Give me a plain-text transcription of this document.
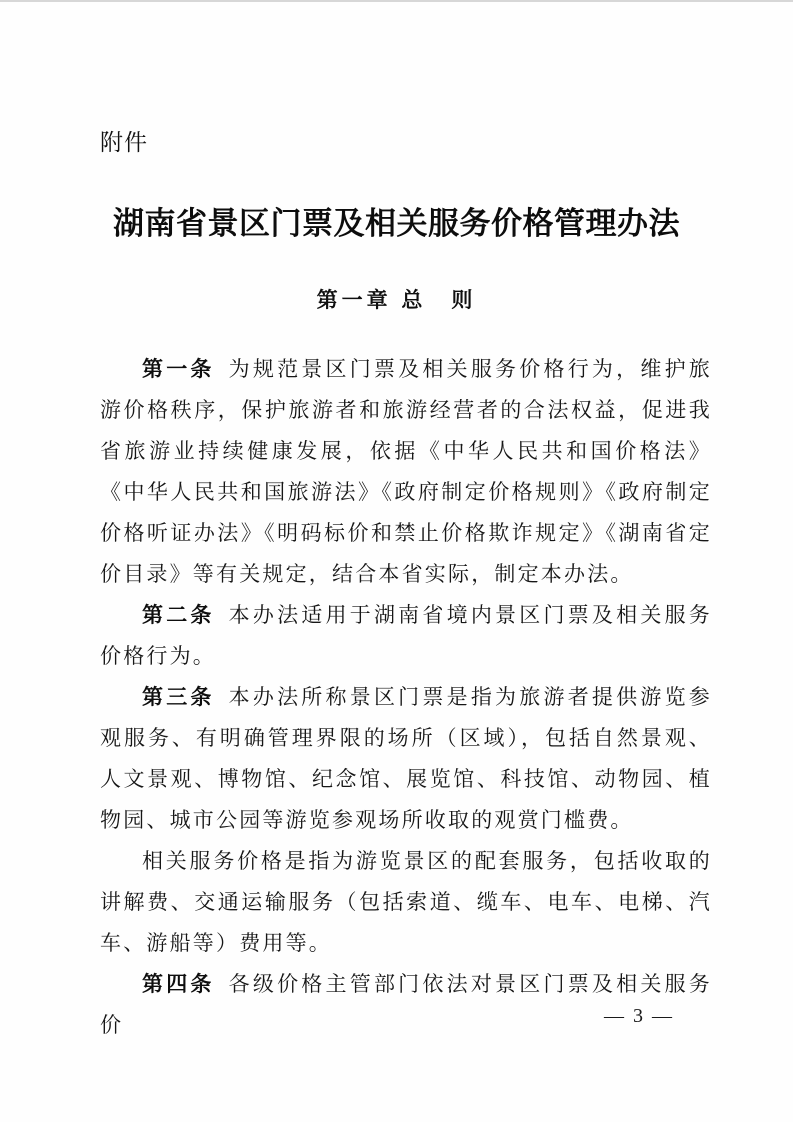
附件
湖南省景区门票及相关服务价格管理办法
第一章 总　则

第一条 为规范景区门票及相关服务价格行为，维护旅游价格秩序，保护旅游者和旅游经营者的合法权益，促进我省旅游业持续健康发展，依据《中华人民共和国价格法》《中华人民共和国旅游法》《政府制定价格规则》《政府制定价格听证办法》《明码标价和禁止价格欺诈规定》《湖南省定价目录》等有关规定，结合本省实际，制定本办法。

第二条 本办法适用于湖南省境内景区门票及相关服务价格行为。

第三条 本办法所称景区门票是指为旅游者提供游览参观服务、有明确管理界限的场所（区域），包括自然景观、人文景观、博物馆、纪念馆、展览馆、科技馆、动物园、植物园、城市公园等游览参观场所收取的观赏门槛费。

相关服务价格是指为游览景区的配套服务，包括收取的讲解费、交通运输服务（包括索道、缆车、电车、电梯、汽车、游船等）费用等。

第四条 各级价格主管部门依法对景区门票及相关服务价	— 3 —
